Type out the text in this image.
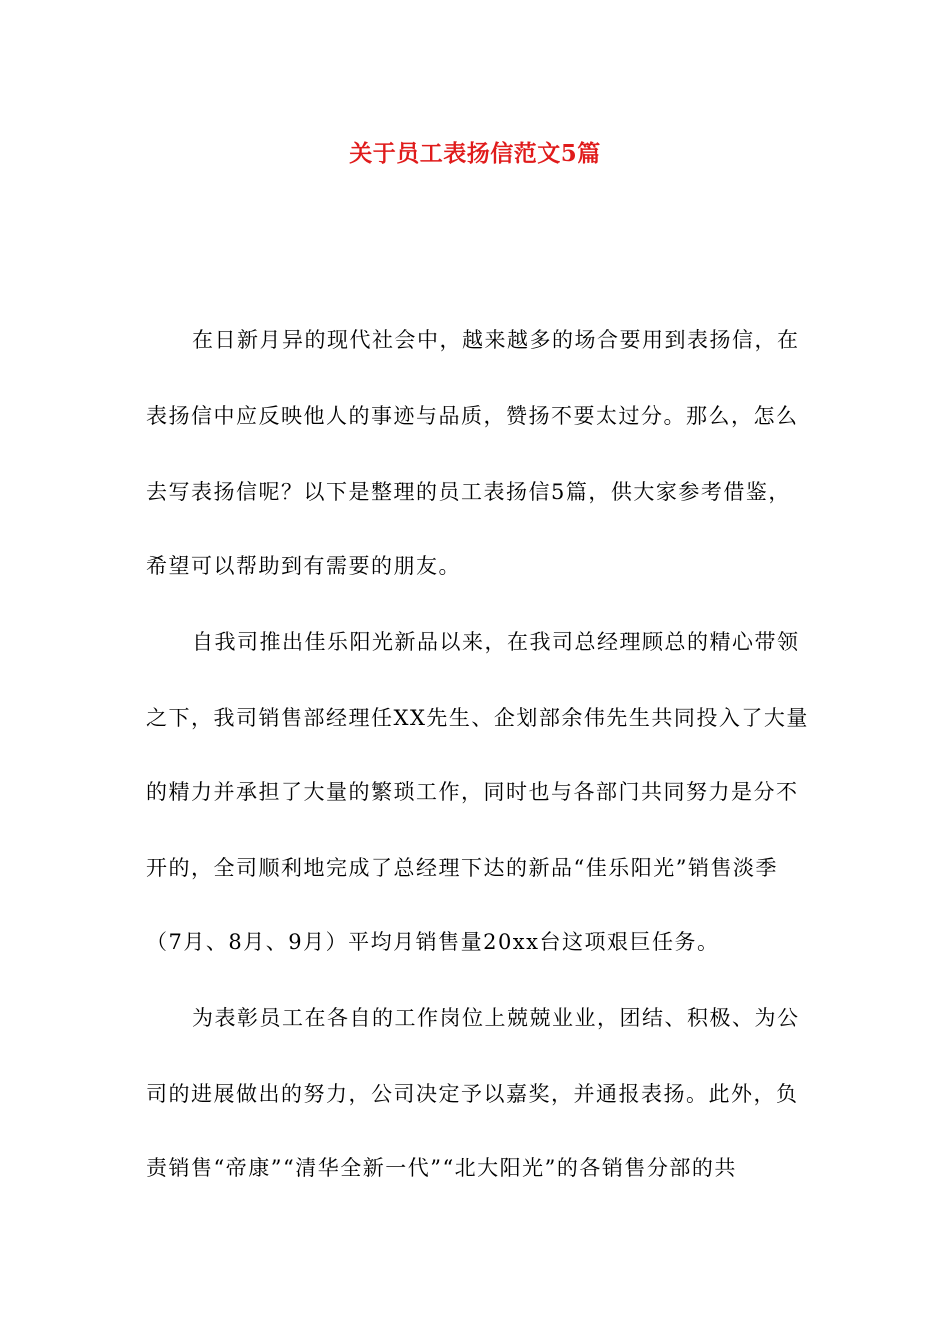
关于员工表扬信范文5篇
在日新月异的现代社会中，越来越多的场合要用到表扬信，在
表扬信中应反映他人的事迹与品质，赞扬不要太过分。那么，怎么
去写表扬信呢？以下是整理的员工表扬信5篇，供大家参考借鉴，
希望可以帮助到有需要的朋友。
自我司推出佳乐阳光新品以来，在我司总经理顾总的精心带领
之下，我司销售部经理任XX先生、企划部余伟先生共同投入了大量
的精力并承担了大量的繁琐工作，同时也与各部门共同努力是分不
开的，全司顺利地完成了总经理下达的新品“佳乐阳光”销售淡季
（7月、8月、9月）平均月销售量20xx台这项艰巨任务。
为表彰员工在各自的工作岗位上兢兢业业，团结、积极、为公
司的进展做出的努力，公司决定予以嘉奖，并通报表扬。此外，负
责销售“帝康”“清华全新一代”“北大阳光”的各销售分部的共
